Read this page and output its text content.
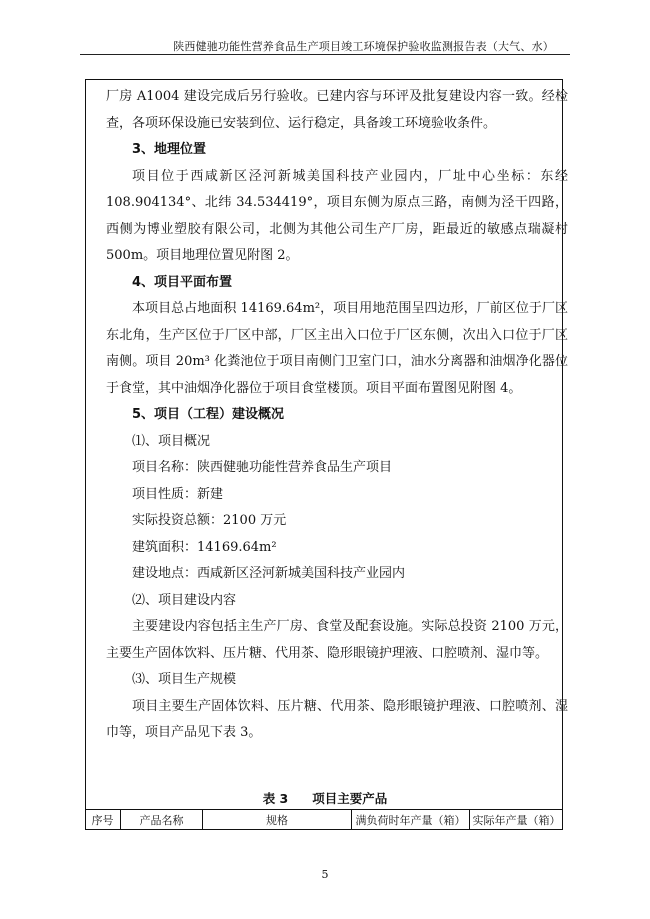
陕西健驰功能性营养食品生产项目竣工环境保护验收监测报告表（大气、水）

厂房 A1004 建设完成后另行验收。已建内容与环评及批复建设内容一致。经检查，各项环保设施已安装到位、运行稳定，具备竣工环境验收条件。

3、地理位置

项目位于西咸新区泾河新城美国科技产业园内，厂址中心坐标：东经108.904134°、北纬 34.534419°，项目东侧为原点三路，南侧为泾干四路，西侧为博业塑胶有限公司，北侧为其他公司生产厂房，距最近的敏感点瑞凝村 500m。项目地理位置见附图 2。

4、项目平面布置

本项目总占地面积 14169.64m²，项目用地范围呈四边形，厂前区位于厂区东北角，生产区位于厂区中部，厂区主出入口位于厂区东侧，次出入口位于厂区南侧。项目 20m³ 化粪池位于项目南侧门卫室门口，油水分离器和油烟净化器位于食堂，其中油烟净化器位于项目食堂楼顶。项目平面布置图见附图 4。

5、项目（工程）建设概况

⑴、项目概况

项目名称：陕西健驰功能性营养食品生产项目

项目性质：新建

实际投资总额：2100 万元

建筑面积：14169.64m²

建设地点：西咸新区泾河新城美国科技产业园内

⑵、项目建设内容

主要建设内容包括主生产厂房、食堂及配套设施。实际总投资 2100 万元，主要生产固体饮料、压片糖、代用茶、隐形眼镜护理液、口腔喷剂、湿巾等。

⑶、项目生产规模

项目主要生产固体饮料、压片糖、代用茶、隐形眼镜护理液、口腔喷剂、湿巾等，项目产品见下表 3。

表 3 项目主要产品
序号	产品名称	规格	满负荷时年产量（箱） 实际年产量（箱）
5
